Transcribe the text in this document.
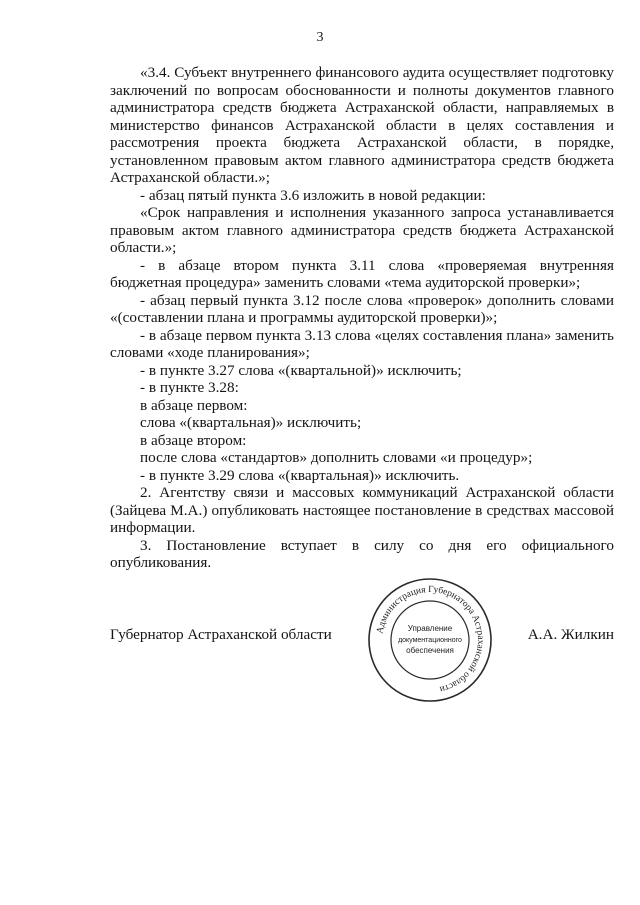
3

«3.4. Субъект внутреннего финансового аудита осуществляет подготовку заключений по вопросам обоснованности и полноты документов главного администратора средств бюджета Астраханской области, направляемых в министерство финансов Астраханской области в целях составления и рассмотрения проекта бюджета Астраханской области, в порядке, установленном правовым актом главного администратора средств бюджета Астраханской области.»;

- абзац пятый пункта 3.6 изложить в новой редакции:

«Срок направления и исполнения указанного запроса устанавливается правовым актом главного администратора средств бюджета Астраханской области.»;

- в абзаце втором пункта 3.11 слова «проверяемая внутренняя бюджетная процедура» заменить словами «тема аудиторской проверки»;

- абзац первый пункта 3.12 после слова «проверок» дополнить словами «(составлении плана и программы аудиторской проверки)»;

- в абзаце первом пункта 3.13 слова «целях составления плана» заменить словами «ходе планирования»;

- в пункте 3.27 слова «(квартальной)» исключить;

- в пункте 3.28:

в абзаце первом:

слова «(квартальная)» исключить;

в абзаце втором:

после слова «стандартов» дополнить словами «и процедур»;

- в пункте 3.29 слова «(квартальная)» исключить.

2. Агентству связи и массовых коммуникаций Астраханской области (Зайцева М.А.) опубликовать настоящее постановление в средствах массовой информации.

3. Постановление вступает в силу со дня его официального опубликования.

Губернатор Астраханской области	А.А. Жилкин
Администрация Губернатора Астраханской области
Управление
документационного
обеспечения
